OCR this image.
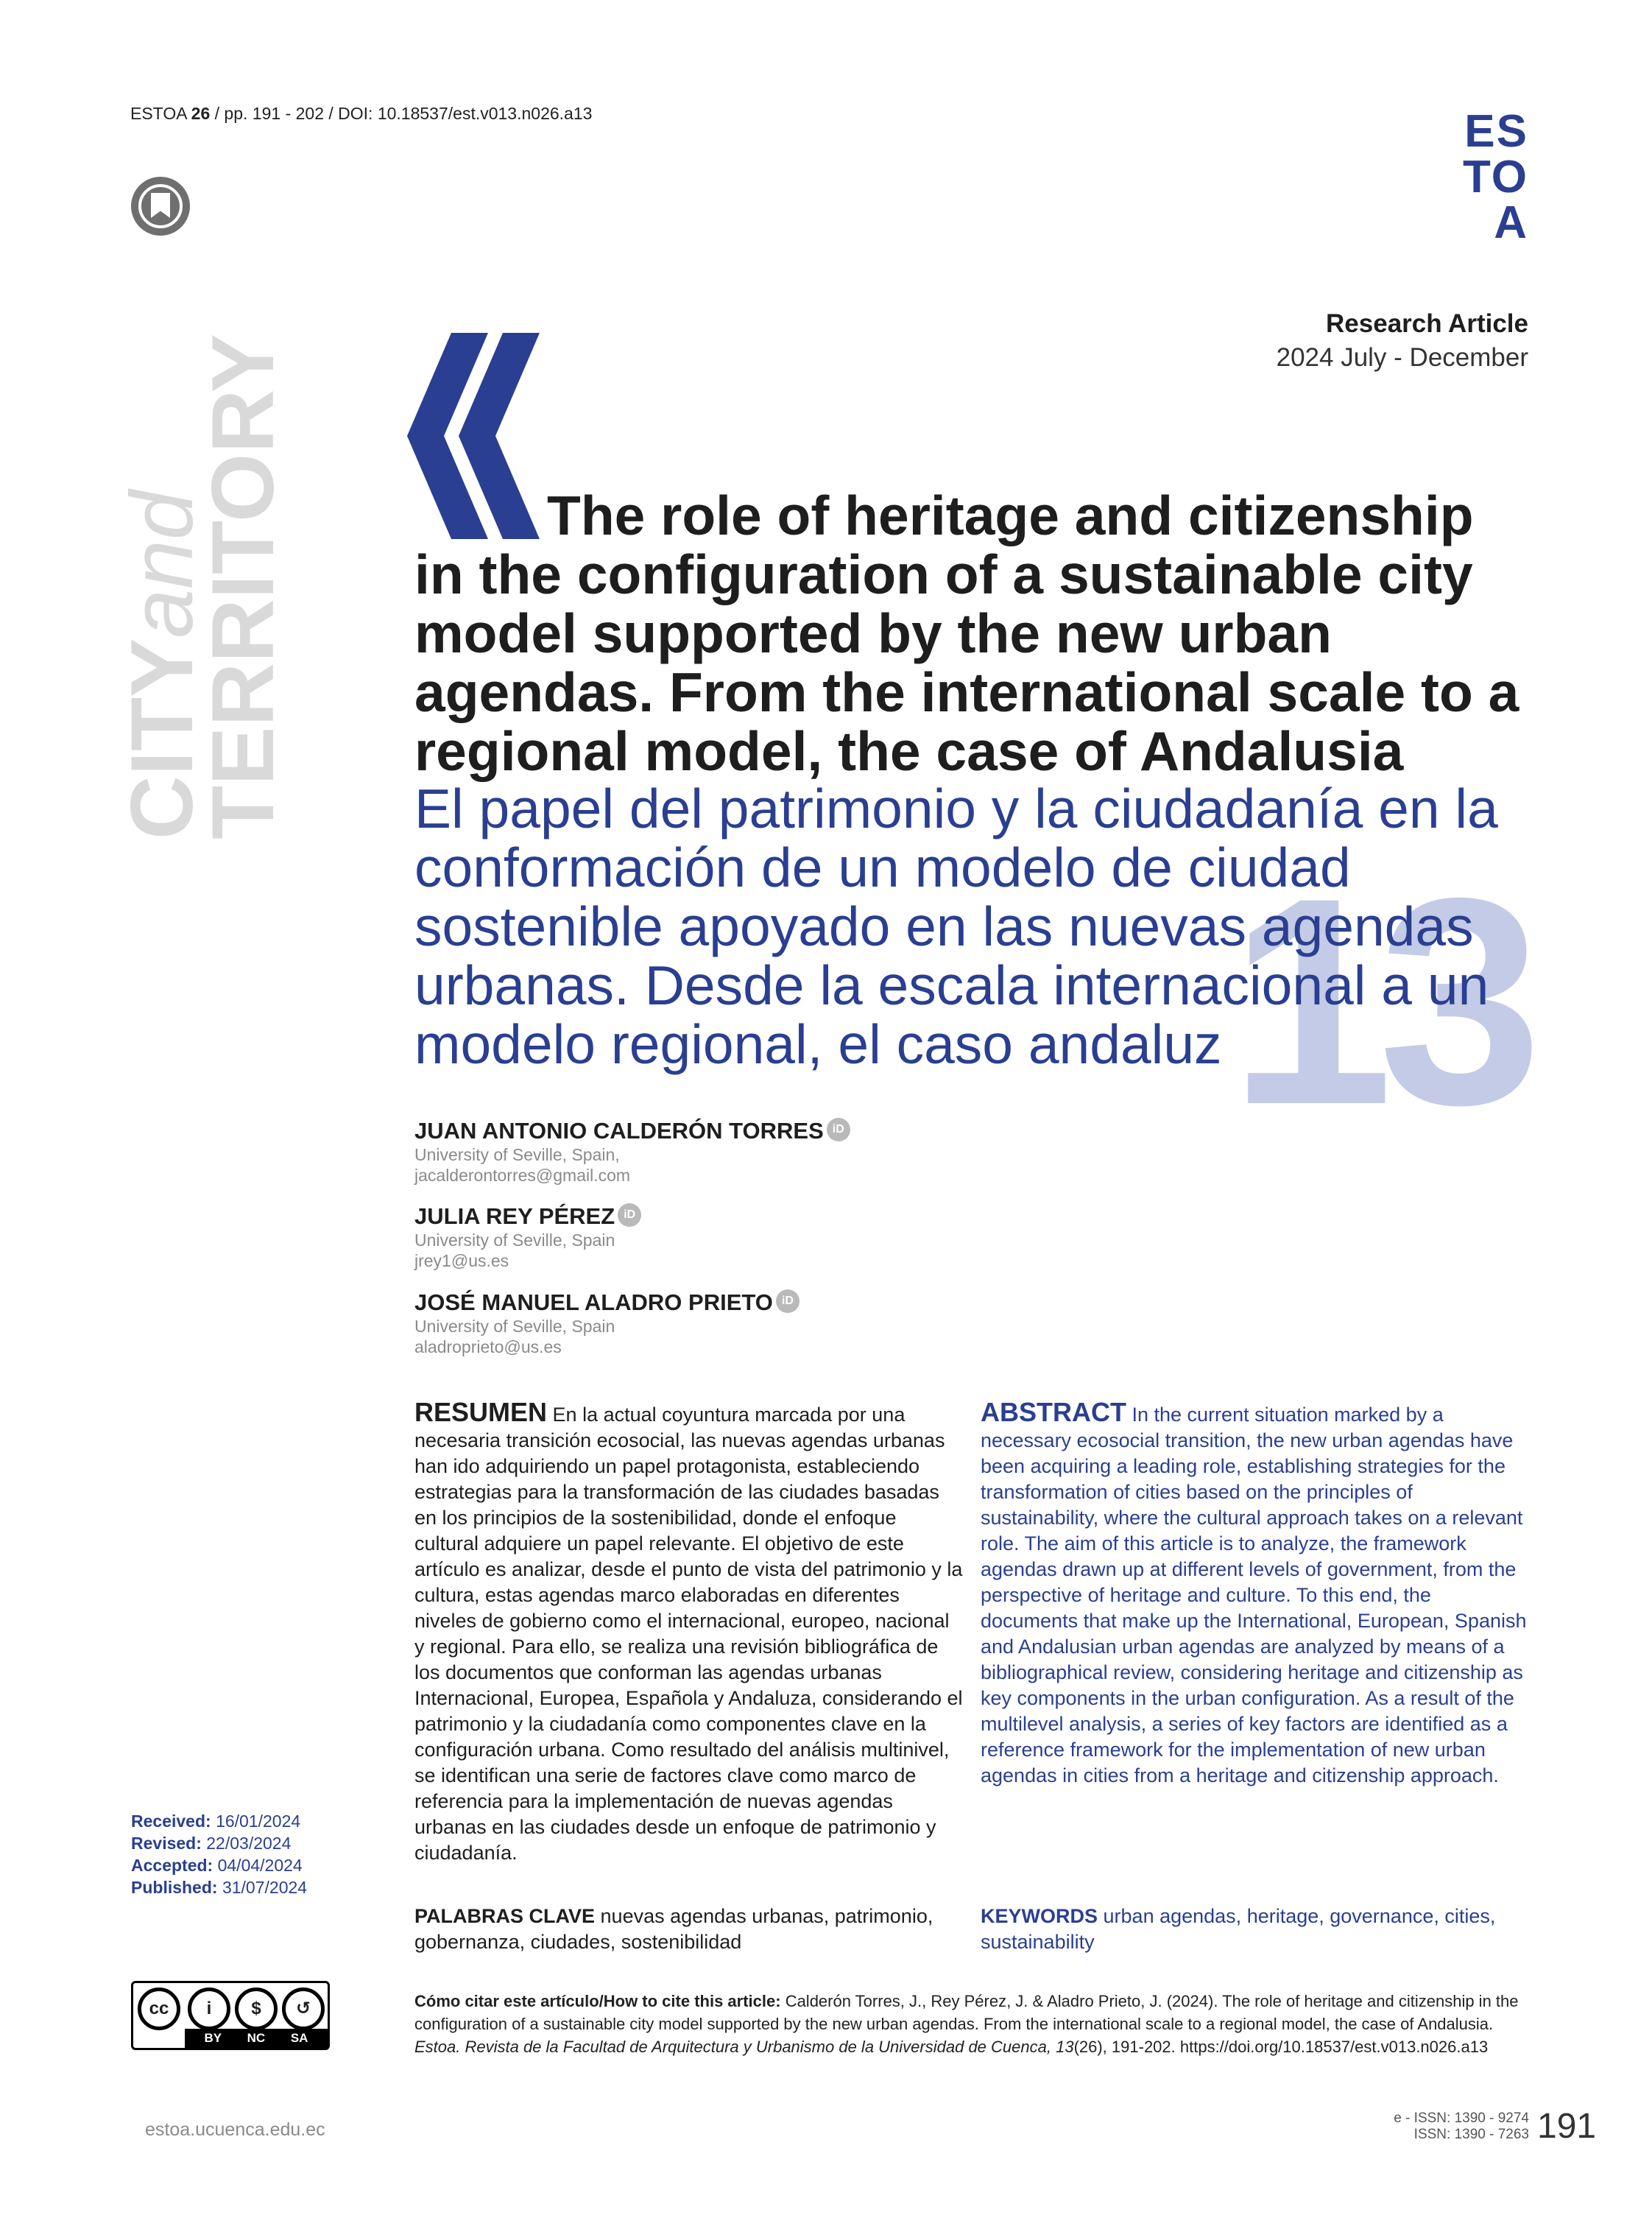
ESTOA 26 / pp. 191 - 202 / DOI: 10.18537/est.v013.n026.a13	ES
TO
A
CITYand
TERRITORY
Research Article
2024 July - December
13
The role of heritage and citizenship in the configuration of a sustainable city model supported by the new urban agendas. From the international scale to a regional model, the case of Andalusia
El papel del patrimonio y la ciudadanía en la conformación de un modelo de ciudad sostenible apoyado en las nuevas agendas urbanas. Desde la escala internacional a un modelo regional, el caso andaluz
JUAN ANTONIO CALDERÓN TORRES iD
University of Seville, Spain,
jacalderontorres@gmail.com
JULIA REY PÉREZ iD
University of Seville, Spain
jrey1@us.es
JOSÉ MANUEL ALADRO PRIETO iD
University of Seville, Spain
aladroprieto@us.es
RESUMEN En la actual coyuntura marcada por una necesaria transición ecosocial, las nuevas agendas urbanas han ido adquiriendo un papel protagonista, estableciendo estrategias para la transformación de las ciudades basadas en los principios de la sostenibilidad, donde el enfoque cultural adquiere un papel relevante. El objetivo de este artículo es analizar, desde el punto de vista del patrimonio y la cultura, estas agendas marco elaboradas en diferentes niveles de gobierno como el internacional, europeo, nacional y regional. Para ello, se realiza una revisión bibliográfica de los documentos que conforman las agendas urbanas Internacional, Europea, Española y Andaluza, considerando el patrimonio y la ciudadanía como componentes clave en la configuración urbana. Como resultado del análisis multinivel, se identifican una serie de factores clave como marco de referencia para la implementación de nuevas agendas urbanas en las ciudades desde un enfoque de patrimonio y ciudadanía.
ABSTRACT In the current situation marked by a necessary ecosocial transition, the new urban agendas have been acquiring a leading role, establishing strategies for the transformation of cities based on the principles of sustainability, where the cultural approach takes on a relevant role. The aim of this article is to analyze, the framework agendas drawn up at different levels of government, from the perspective of heritage and culture. To this end, the documents that make up the International, European, Spanish and Andalusian urban agendas are analyzed by means of a bibliographical review, considering heritage and citizenship as key components in the urban configuration. As a result of the multilevel analysis, a series of key factors are identified as a reference framework for the implementation of new urban agendas in cities from a heritage and citizenship approach.
PALABRAS CLAVE nuevas agendas urbanas, patrimonio, gobernanza, ciudades, sostenibilidad
KEYWORDS urban agendas, heritage, governance, cities, sustainability
Received: 16/01/2024
Revised: 22/03/2024
Accepted: 04/04/2024
Published: 31/07/2024
cc	i	$	↺
BY NC SA
Cómo citar este artículo/How to cite this article: Calderón Torres, J., Rey Pérez, J. & Aladro Prieto, J. (2024). The role of heritage and citizenship in the configuration of a sustainable city model supported by the new urban agendas. From the international scale to a regional model, the case of Andalusia. Estoa. Revista de la Facultad de Arquitectura y Urbanismo de la Universidad de Cuenca, 13(26), 191-202. https://doi.org/10.18537/est.v013.n026.a13
estoa.ucuenca.edu.ec
e - ISSN: 1390 - 9274
ISSN: 1390 - 7263 191
